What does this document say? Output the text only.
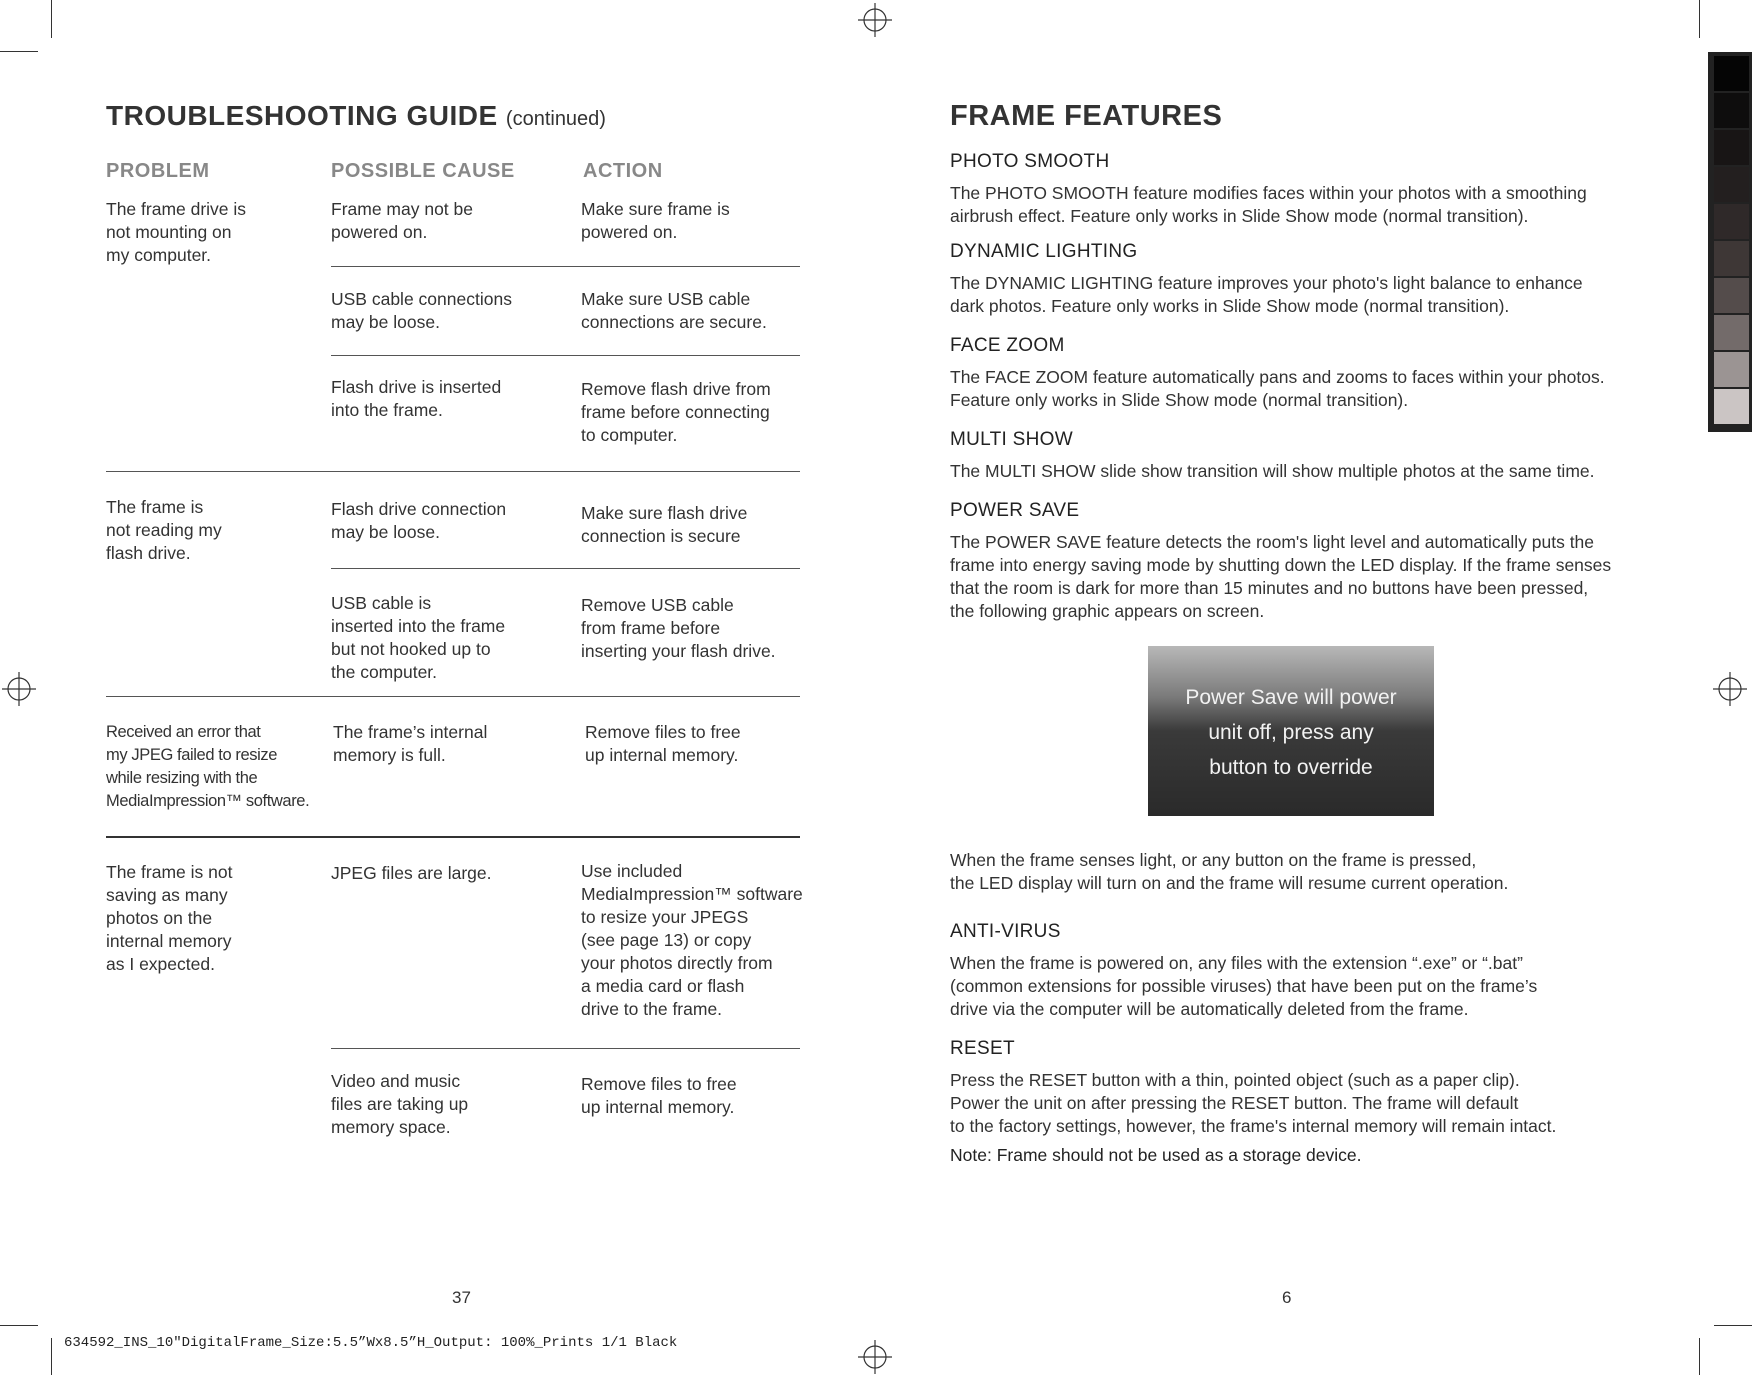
TROUBLESHOOTING GUIDE (continued)
PROBLEM	POSSIBLE CAUSE	ACTION
The frame drive is
not mounting on
my computer.
The frame is
not reading my
flash drive.
Received an error that
my JPEG failed to resize
while resizing with the
MediaImpression™ software.
The frame is not
saving as many
photos on the
internal memory
as I expected.
Frame may not be
powered on.
USB cable connections
may be loose.
Flash drive is inserted
into the frame.
Flash drive connection
may be loose.
USB cable is
inserted into the frame
but not hooked up to
the computer.
The frame’s internal
memory is full.
JPEG files are large.
Video and music
files are taking up
memory space.
Make sure frame is
powered on.
Make sure USB cable
connections are secure.
Remove flash drive from
frame before connecting
to computer.
Make sure flash drive
connection is secure
Remove USB cable
from frame before
inserting your flash drive.
Remove files to free
up internal memory.
Use included
MediaImpression™ software
to resize your JPEGS
(see page 13) or copy
your photos directly from
a media card or flash
drive to the frame.
Remove files to free
up internal memory.
37
FRAME FEATURES
PHOTO SMOOTH
The PHOTO SMOOTH feature modifies faces within your photos with a smoothing
airbrush effect. Feature only works in Slide Show mode (normal transition).
DYNAMIC LIGHTING
The DYNAMIC LIGHTING feature improves your photo's light balance to enhance
dark photos. Feature only works in Slide Show mode (normal transition).
FACE ZOOM
The FACE ZOOM feature automatically pans and zooms to faces within your photos.
Feature only works in Slide Show mode (normal transition).
MULTI SHOW
The MULTI SHOW slide show transition will show multiple photos at the same time.
POWER SAVE
The POWER SAVE feature detects the room's light level and automatically puts the
frame into energy saving mode by shutting down the LED display. If the frame senses
that the room is dark for more than 15 minutes and no buttons have been pressed,
the following graphic appears on screen.
Power Save will power
unit off, press any
button to override
When the frame senses light, or any button on the frame is pressed,
the LED display will turn on and the frame will resume current operation.
ANTI-VIRUS
When the frame is powered on, any files with the extension “.exe” or “.bat”
(common extensions for possible viruses) that have been put on the frame’s
drive via the computer will be automatically deleted from the frame.
RESET
Press the RESET button with a thin, pointed object (such as a paper clip).
Power the unit on after pressing the RESET button. The frame will default
to the factory settings, however, the frame's internal memory will remain intact.
Note: Frame should not be used as a storage device.
6
634592_INS_10"DigitalFrame_Size:5.5”Wx8.5”H_Output: 100%_Prints 1/1 Black
